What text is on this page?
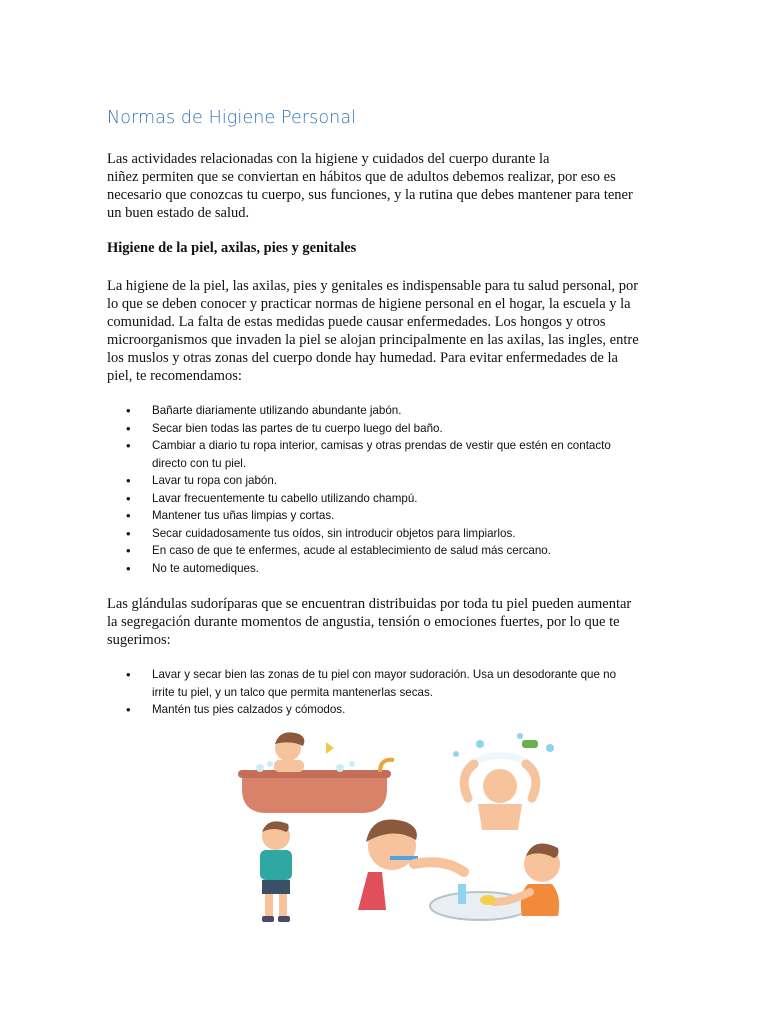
Normas de Higiene Personal

Las actividades relacionadas con la higiene y cuidados del cuerpo durante la
niñez permiten que se conviertan en hábitos que de adultos debemos realizar, por eso es
necesario que conozcas tu cuerpo, sus funciones, y la rutina que debes mantener para tener
un buen estado de salud.

Higiene de la piel, axilas, pies y genitales

La higiene de la piel, las axilas, pies y genitales es indispensable para tu salud personal, por
lo que se deben conocer y practicar normas de higiene personal en el hogar, la escuela y la
comunidad. La falta de estas medidas puede causar enfermedades. Los hongos y otros
microorganismos que invaden la piel se alojan principalmente en las axilas, las ingles, entre
los muslos y otras zonas del cuerpo donde hay humedad. Para evitar enfermedades de la
piel, te recomendamos:

• Bañarte diariamente utilizando abundante jabón.
• Secar bien todas las partes de tu cuerpo luego del baño.
• Cambiar a diario tu ropa interior, camisas y otras prendas de vestir que estén en contacto
directo con tu piel.
• Lavar tu ropa con jabón.
• Lavar frecuentemente tu cabello utilizando champú.
• Mantener tus uñas limpias y cortas.
• Secar cuidadosamente tus oídos, sin introducir objetos para limpiarlos.
• En caso de que te enfermes, acude al establecimiento de salud más cercano.
• No te automediques.

Las glándulas sudoríparas que se encuentran distribuidas por toda tu piel pueden aumentar
la segregación durante momentos de angustia, tensión o emociones fuertes, por lo que te
sugerimos:

• Lavar y secar bien las zonas de tu piel con mayor sudoración. Usa un desodorante que no
irrite tu piel, y un talco que permita mantenerlas secas.
• Mantén tus pies calzados y cómodos.
